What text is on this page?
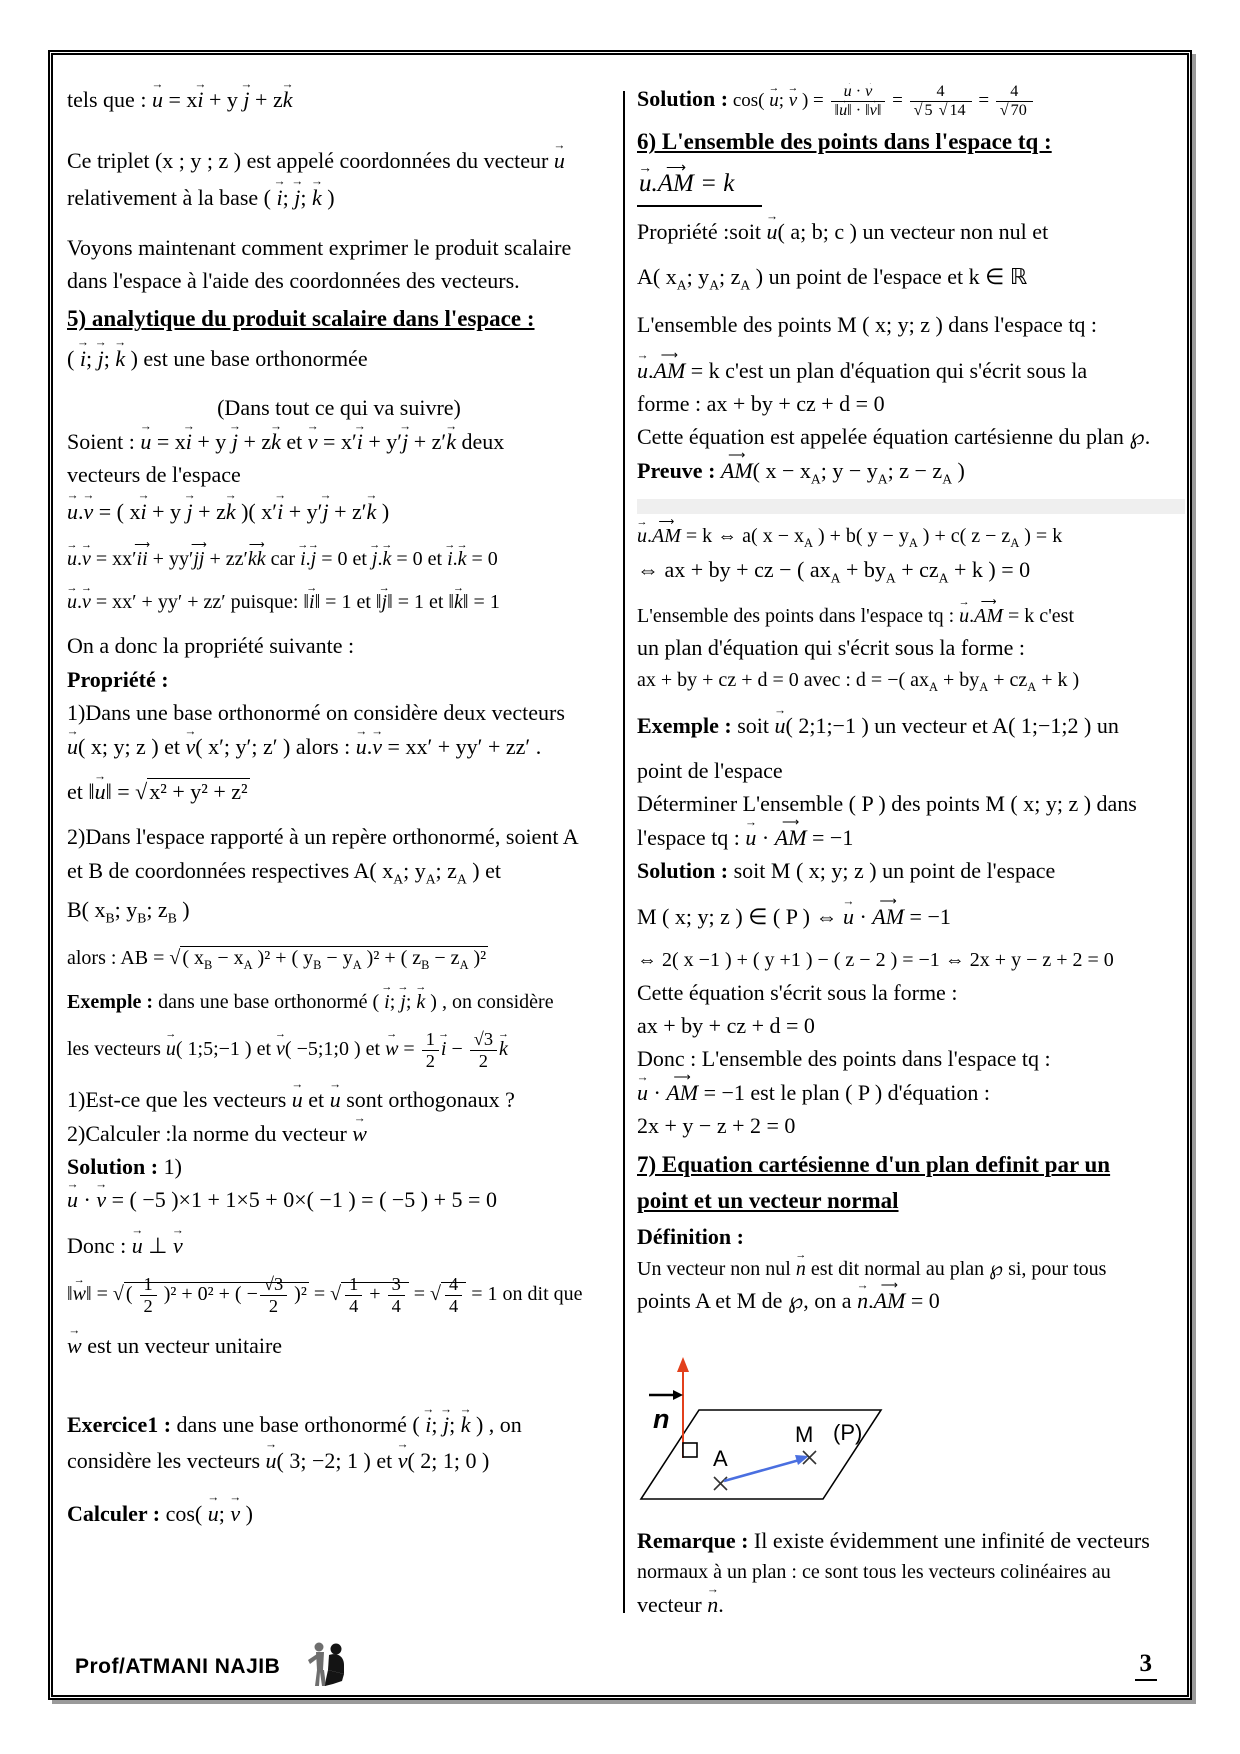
tels que : → u = x→ i + y → j + z→ k
Ce triplet (x ; y ; z ) est appelé coordonnées du vecteur → u
relativement à la base ( → i; → j; → k )
Voyons maintenant comment exprimer le produit scalaire
dans l'espace à l'aide des coordonnées des vecteurs.
5) analytique du produit scalaire dans l'espace :
( → i; → j; → k ) est une base orthonormée
(Dans tout ce qui va suivre)
Soient : → u = x→ i + y → j + z→ k et → v = x′→ i + y′→ j + z′→ k deux
vecteurs de l'espace
→ u.→ v = ( x→ i + y → j + z→ k )( x′→ i + y′→ j + z′→ k )
→ u.→ v = xx′⟶ ii + yy′⟶ jj + zz′⟶ kk car → i.→ j = 0 et → j.→ k = 0 et → i.→ k = 0
→ u.→ v = xx′ + yy′ + zz′ puisque: ‖→ i‖ = 1 et ‖→ j‖ = 1 et ‖→ k‖ = 1
On a donc la propriété suivante :
Propriété :
1)Dans une base orthonormé on considère deux vecteurs
→ u( x; y; z ) et → v( x′; y′; z′ ) alors : → u.→ v = xx′ + yy′ + zz′ .
et ‖→ u‖ = √x² + y² + z²
2)Dans l'espace rapporté à un repère orthonormé, soient A
et B de coordonnées respectives A( $x_A$; $y_A$; $z_A$ ) et
B( $x_B$; $y_B$; $z_B$ )
alors : AB = √ ( $x_B - x_A$ )² + ( $y_B - y_A$ )² + ( $z_B - z_A$ )²
Exemple : dans une base orthonormé ( → i; → j; → k ) , on considère
les vecteurs → u( 1;5;−1 ) et → v( −5;1;0 ) et → $w = \frac{1}{2} \to i - \frac{√3}{2} \to k$
1)Est-ce que les vecteurs → u et → u sont orthogonaux ?
2)Calculer :la norme du vecteur → w
Solution : 1)
→ u · → v = ( −5 )×1 + 1×5 + 0×( −1 ) = ( −5 ) + 5 = 0
Donc : → u ⊥ → v
‖→ w‖ = √ ( $\frac{1}{2} )^2 + 0^2$ + ( − $\frac{√3}{2} )^2$ = √ $\frac{1}{4} + \frac{3}{4}$ = √ $\frac{4}{4} = 1$ on dit que
→ w est un vecteur unitaire
Exercice1 : dans une base orthonormé ( → i; → j; → k ) , on
considère les vecteurs → u( 3; −2; 1 ) et → v( 2; 1; 0 )
Calculer : cos( → u; → v )
Solution : cos( → u; → v ) = → $\frac{u \cdot \to v}{‖\to u‖ \cdot ‖\to v‖} = \frac{4}{√ 5 √ 14} = \frac{4}{√ 70}$
6) L'ensemble des points dans l'espace tq :
→ u.⟶ AM = k
Propriété :soit → u( a; b; c ) un vecteur non nul et
A( $x_A$; $y_A$; $z_A$ ) un point de l'espace et k ∈ ℝ
L'ensemble des points M ( x; y; z ) dans l'espace tq :
→ u.⟶ AM = k c'est un plan d'équation qui s'écrit sous la
forme : ax + by + cz + d = 0
Cette équation est appelée équation cartésienne du plan ℘.
Preuve : ⟶ AM( $x - x_A$; $y - y_A$; $z - z_A$ )
→ u.⟶ AM = k ⇔ a( $x - x_A$ ) + b( $y - y_A$ ) + c( $z - z_A$ ) = k
⇔ ax + by + cz − ( $ax_A + by_A + cz_A + k$ ) = 0
L'ensemble des points dans l'espace tq : → u.⟶ AM = k c'est
un plan d'équation qui s'écrit sous la forme :
ax + by + cz + d = 0 avec : d = −( $ax_A + by_A + cz_A + k$ )
Exemple : soit → u( 2;1;−1 ) un vecteur et A( 1;−1;2 ) un
point de l'espace
Déterminer L'ensemble ( P ) des points M ( x; y; z ) dans
l'espace tq : → u · ⟶ AM = −1
Solution : soit M ( x; y; z ) un point de l'espace
M ( x; y; z ) ∈ ( P ) ⇔ → u · ⟶ AM = −1
⇔ 2( x −1 ) + ( y +1 ) − ( z − 2 ) = −1 ⇔ 2x + y − z + 2 = 0
Cette équation s'écrit sous la forme :
ax + by + cz + d = 0
Donc : L'ensemble des points dans l'espace tq :
→ u · ⟶ AM = −1 est le plan ( P ) d'équation :
2x + y − z + 2 = 0
7) Equation cartésienne d'un plan definit par un
point et un vecteur normal
Définition :
Un vecteur non nul → n est dit normal au plan ℘ si, pour tous
points A et M de ℘, on a → n.⟶ AM = 0
n
A
M (P)
Remarque : Il existe évidemment une infinité de vecteurs
normaux à un plan : ce sont tous les vecteurs colinéaires au
vecteur → n.
Prof/ATMANI NAJIB	3
